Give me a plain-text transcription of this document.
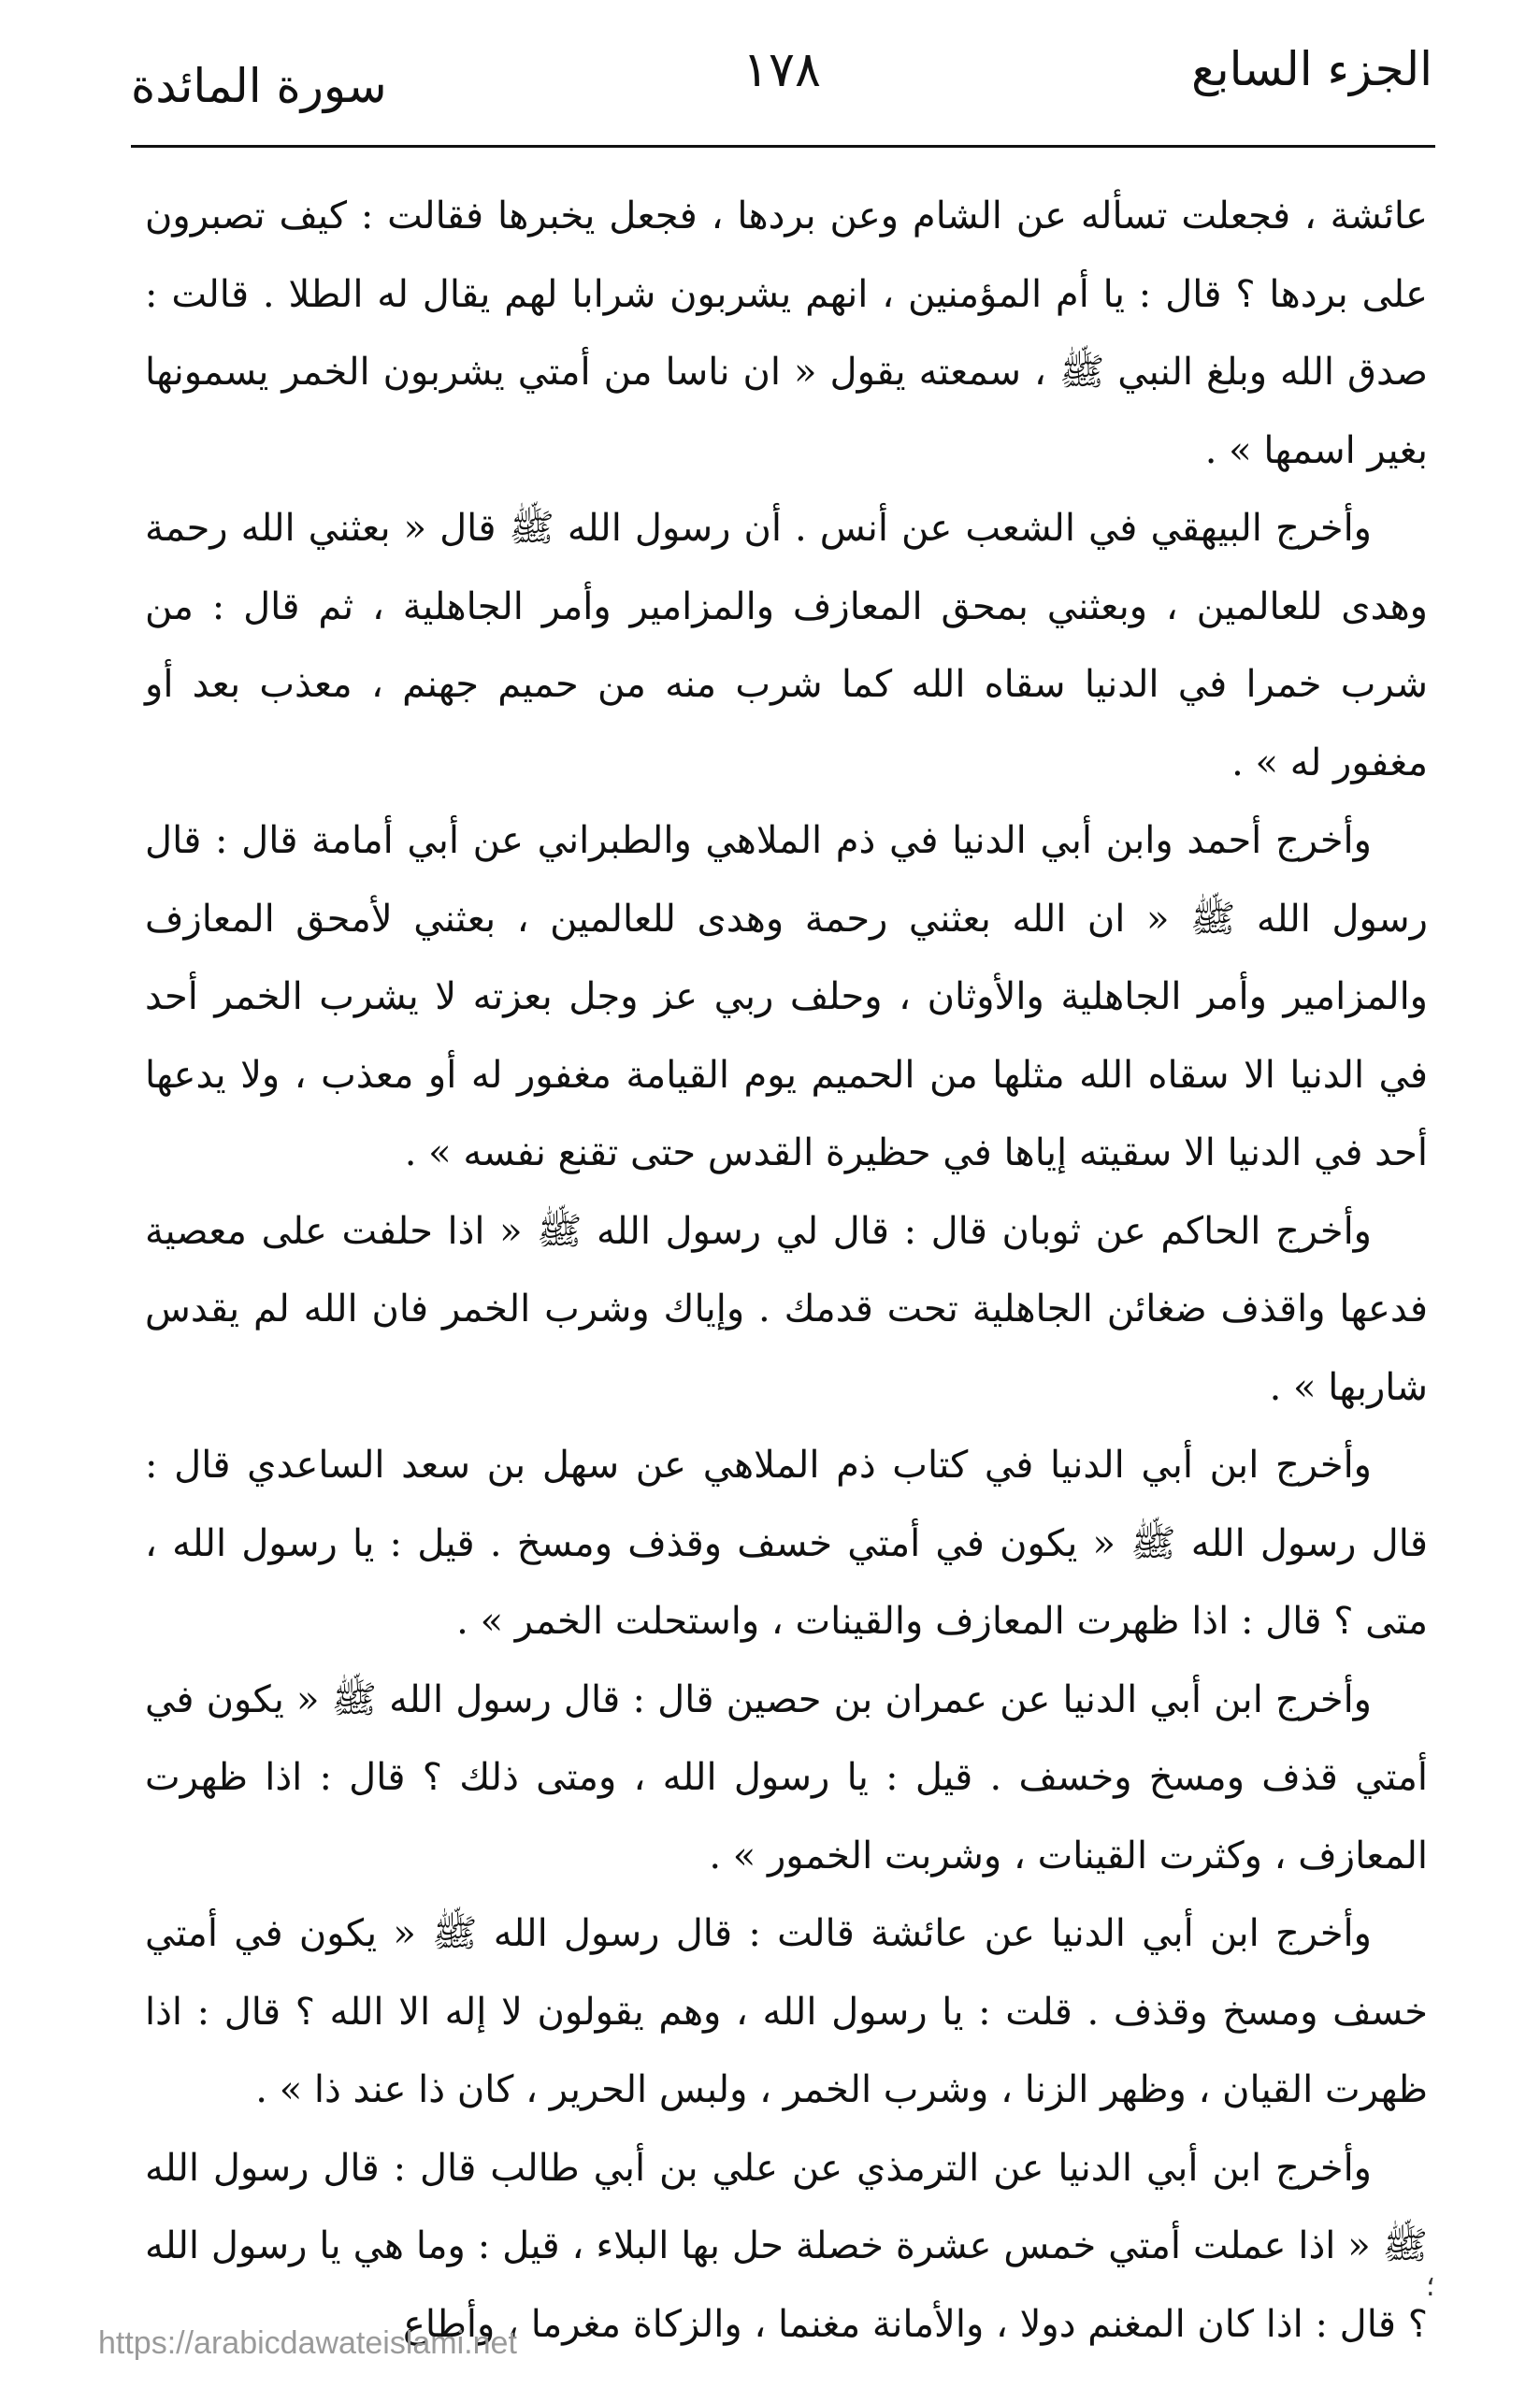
الجزء السابع
١٧٨
سورة المائدة

عائشة ، فجعلت تسأله عن الشام وعن بردها ، فجعل يخبرها فقالت : كيف تصبرون على بردها ؟ قال : يا أم المؤمنين ، انهم يشربون شرابا لهم يقال له الطلا . قالت : صدق الله وبلغ النبي ﷺ ، سمعته يقول « ان ناسا من أمتي يشربون الخمر يسمونها بغير اسمها » .

وأخرج البيهقي في الشعب عن أنس . أن رسول الله ﷺ قال « بعثني الله رحمة وهدى للعالمين ، وبعثني بمحق المعازف والمزامير وأمر الجاهلية ، ثم قال : من شرب خمرا في الدنيا سقاه الله كما شرب منه من حميم جهنم ، معذب بعد أو مغفور له » .

وأخرج أحمد وابن أبي الدنيا في ذم الملاهي والطبراني عن أبي أمامة قال : قال رسول الله ﷺ « ان الله بعثني رحمة وهدى للعالمين ، بعثني لأمحق المعازف والمزامير وأمر الجاهلية والأوثان ، وحلف ربي عز وجل بعزته لا يشرب الخمر أحد في الدنيا الا سقاه الله مثلها من الحميم يوم القيامة مغفور له أو معذب ، ولا يدعها أحد في الدنيا الا سقيته إياها في حظيرة القدس حتى تقنع نفسه » .

وأخرج الحاكم عن ثوبان قال : قال لي رسول الله ﷺ « اذا حلفت على معصية فدعها واقذف ضغائن الجاهلية تحت قدمك . وإياك وشرب الخمر فان الله لم يقدس شاربها » .

وأخرج ابن أبي الدنيا في كتاب ذم الملاهي عن سهل بن سعد الساعدي قال : قال رسول الله ﷺ « يكون في أمتي خسف وقذف ومسخ . قيل : يا رسول الله ، متى ؟ قال : اذا ظهرت المعازف والقينات ، واستحلت الخمر » .

وأخرج ابن أبي الدنيا عن عمران بن حصين قال : قال رسول الله ﷺ « يكون في أمتي قذف ومسخ وخسف . قيل : يا رسول الله ، ومتى ذلك ؟ قال : اذا ظهرت المعازف ، وكثرت القينات ، وشربت الخمور » .

وأخرج ابن أبي الدنيا عن عائشة قالت : قال رسول الله ﷺ « يكون في أمتي خسف ومسخ وقذف . قلت : يا رسول الله ، وهم يقولون لا إله الا الله ؟ قال : اذا ظهرت القيان ، وظهر الزنا ، وشرب الخمر ، ولبس الحرير ، كان ذا عند ذا » .

وأخرج ابن أبي الدنيا عن الترمذي عن علي بن أبي طالب قال : قال رسول الله ﷺ « اذا عملت أمتي خمس عشرة خصلة حل بها البلاء ، قيل : وما هي يا رسول الله ؟ قال : اذا كان المغنم دولا ، والأمانة مغنما ، والزكاة مغرما ، وأطاع

؛
https://arabicdawateislami.net
